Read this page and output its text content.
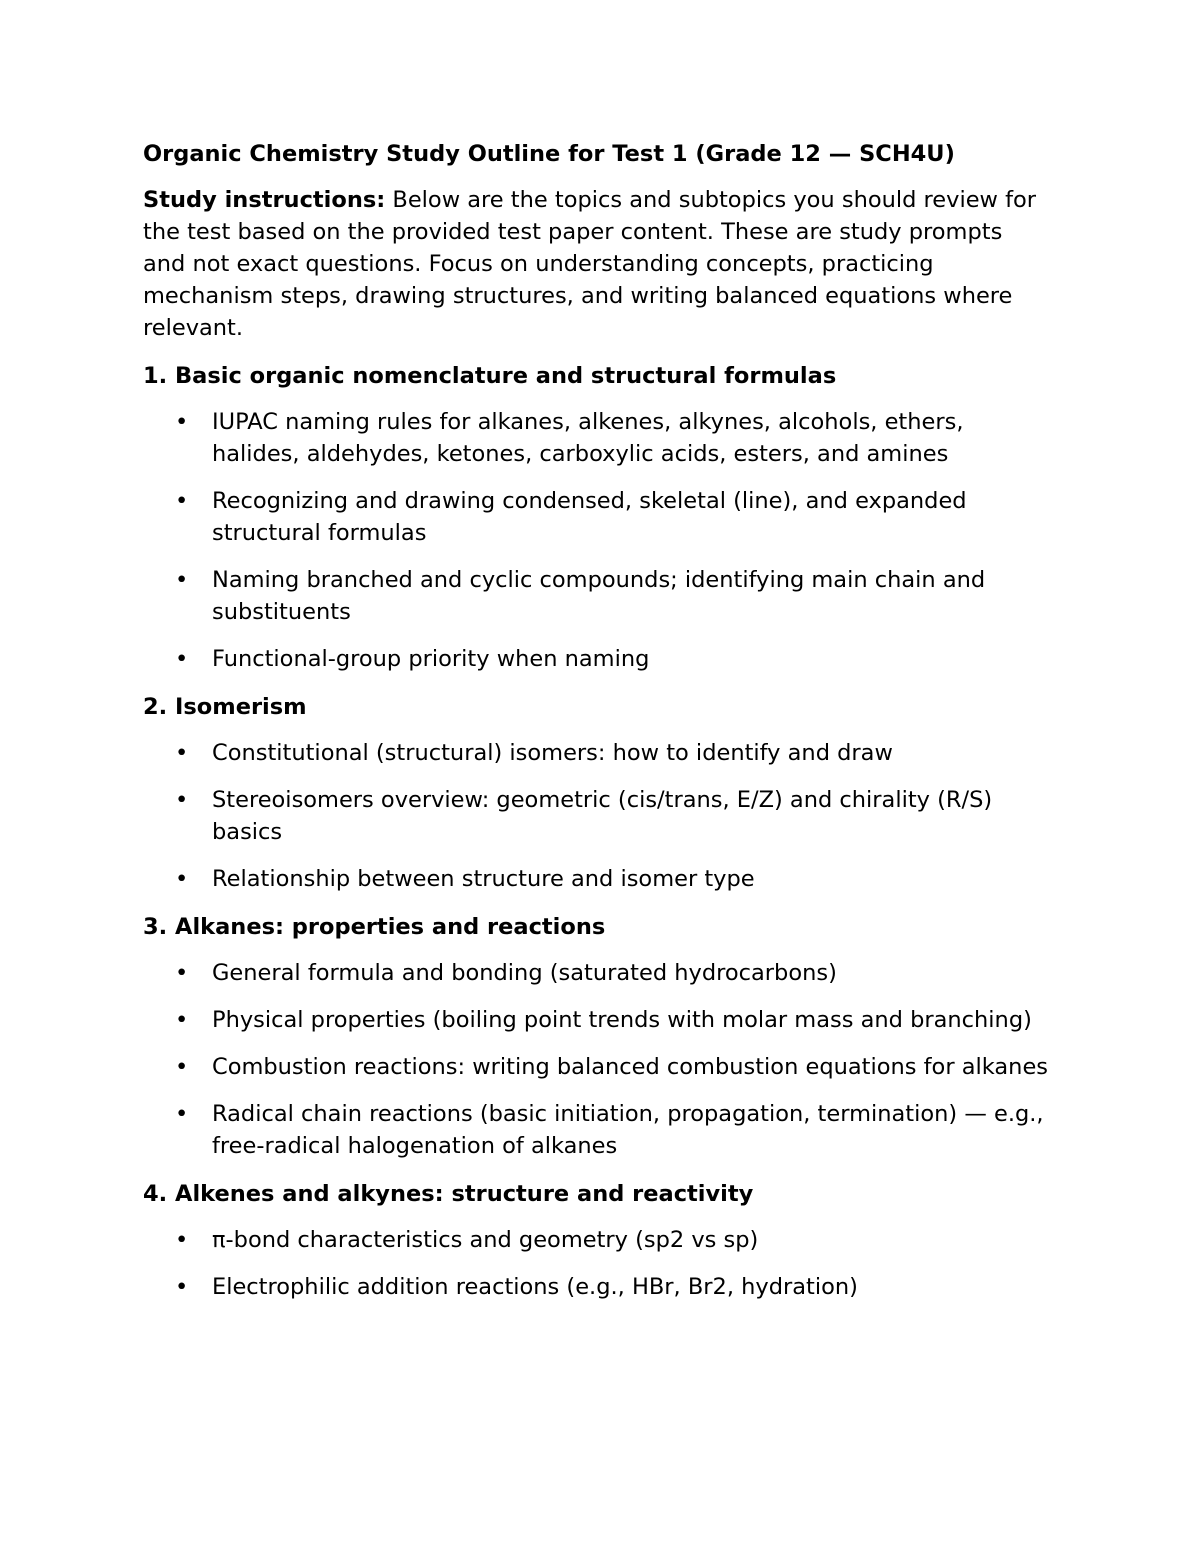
Organic Chemistry Study Outline for Test 1 (Grade 12 — SCH4U)

Study instructions: Below are the topics and subtopics you should review for the test based on the provided test paper content. These are study prompts and not exact questions. Focus on understanding concepts, practicing mechanism steps, drawing structures, and writing balanced equations where relevant.

1. Basic organic nomenclature and structural formulas

• IUPAC naming rules for alkanes, alkenes, alkynes, alcohols, ethers, halides, aldehydes, ketones, carboxylic acids, esters, and amines
• Recognizing and drawing condensed, skeletal (line), and expanded structural formulas
• Naming branched and cyclic compounds; identifying main chain and substituents
• Functional-group priority when naming

2. Isomerism

• Constitutional (structural) isomers: how to identify and draw
• Stereoisomers overview: geometric (cis/trans, E/Z) and chirality (R/S) basics
• Relationship between structure and isomer type

3. Alkanes: properties and reactions

• General formula and bonding (saturated hydrocarbons)
• Physical properties (boiling point trends with molar mass and branching)
• Combustion reactions: writing balanced combustion equations for alkanes
• Radical chain reactions (basic initiation, propagation, termination) — e.g., free-radical halogenation of alkanes

4. Alkenes and alkynes: structure and reactivity

• π-bond characteristics and geometry (sp2 vs sp)
• Electrophilic addition reactions (e.g., HBr, Br2, hydration)
